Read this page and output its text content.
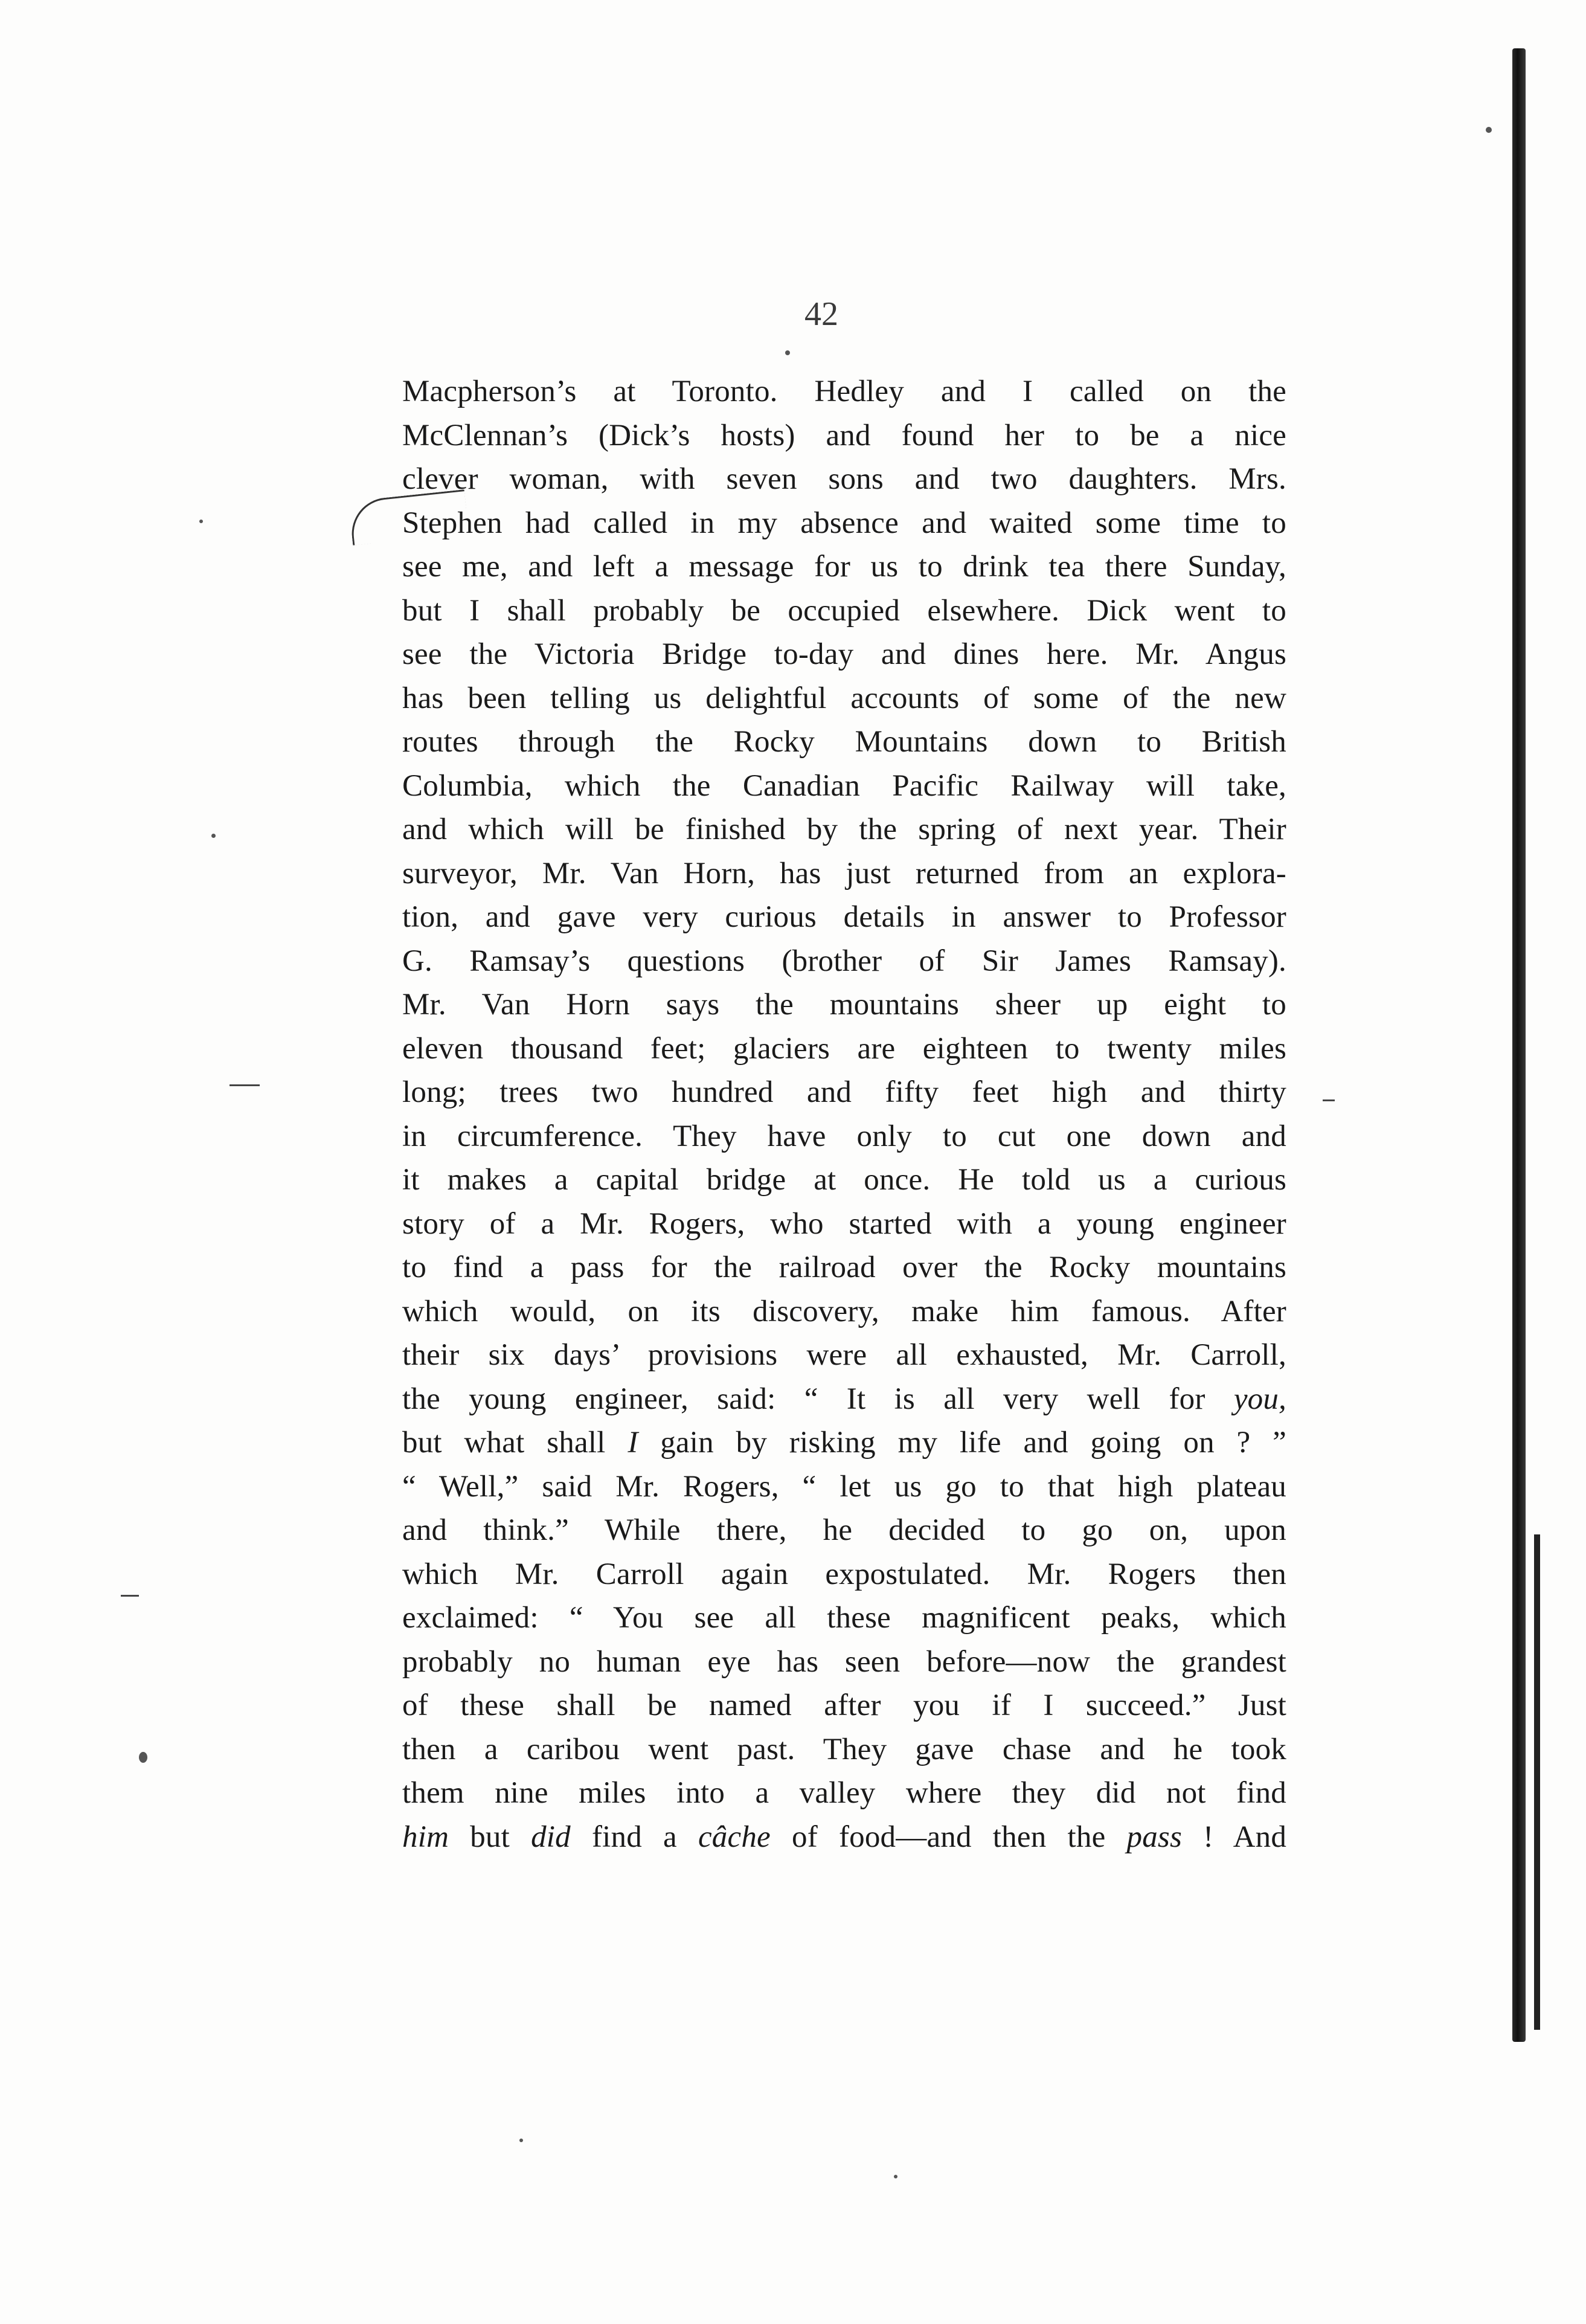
42
Macpherson’s at Toronto. Hedley and I called on the
McClennan’s (Dick’s hosts) and found her to be a nice
clever woman, with seven sons and two daughters. Mrs.
Stephen had called in my absence and waited some time to
see me, and left a message for us to drink tea there Sunday,
but I shall probably be occupied elsewhere. Dick went to
see the Victoria Bridge to-day and dines here. Mr. Angus
has been telling us delightful accounts of some of the new
routes through the Rocky Mountains down to British
Columbia, which the Canadian Pacific Railway will take,
and which will be finished by the spring of next year. Their
surveyor, Mr. Van Horn, has just returned from an explora-
tion, and gave very curious details in answer to Professor
G. Ramsay’s questions (brother of Sir James Ramsay).
Mr. Van Horn says the mountains sheer up eight to
eleven thousand feet; glaciers are eighteen to twenty miles
long; trees two hundred and fifty feet high and thirty
in circumference. They have only to cut one down and
it makes a capital bridge at once. He told us a curious
story of a Mr. Rogers, who started with a young engineer
to find a pass for the railroad over the Rocky mountains
which would, on its discovery, make him famous. After
their six days’ provisions were all exhausted, Mr. Carroll,
the young engineer, said: “ It is all very well for you,
but what shall I gain by risking my life and going on ? ”
“ Well,” said Mr. Rogers, “ let us go to that high plateau
and think.” While there, he decided to go on, upon
which Mr. Carroll again expostulated. Mr. Rogers then
exclaimed: “ You see all these magnificent peaks, which
probably no human eye has seen before—now the grandest
of these shall be named after you if I succeed.” Just
then a caribou went past. They gave chase and he took
them nine miles into a valley where they did not find
him but did find a câche of food—and then the pass ! And
